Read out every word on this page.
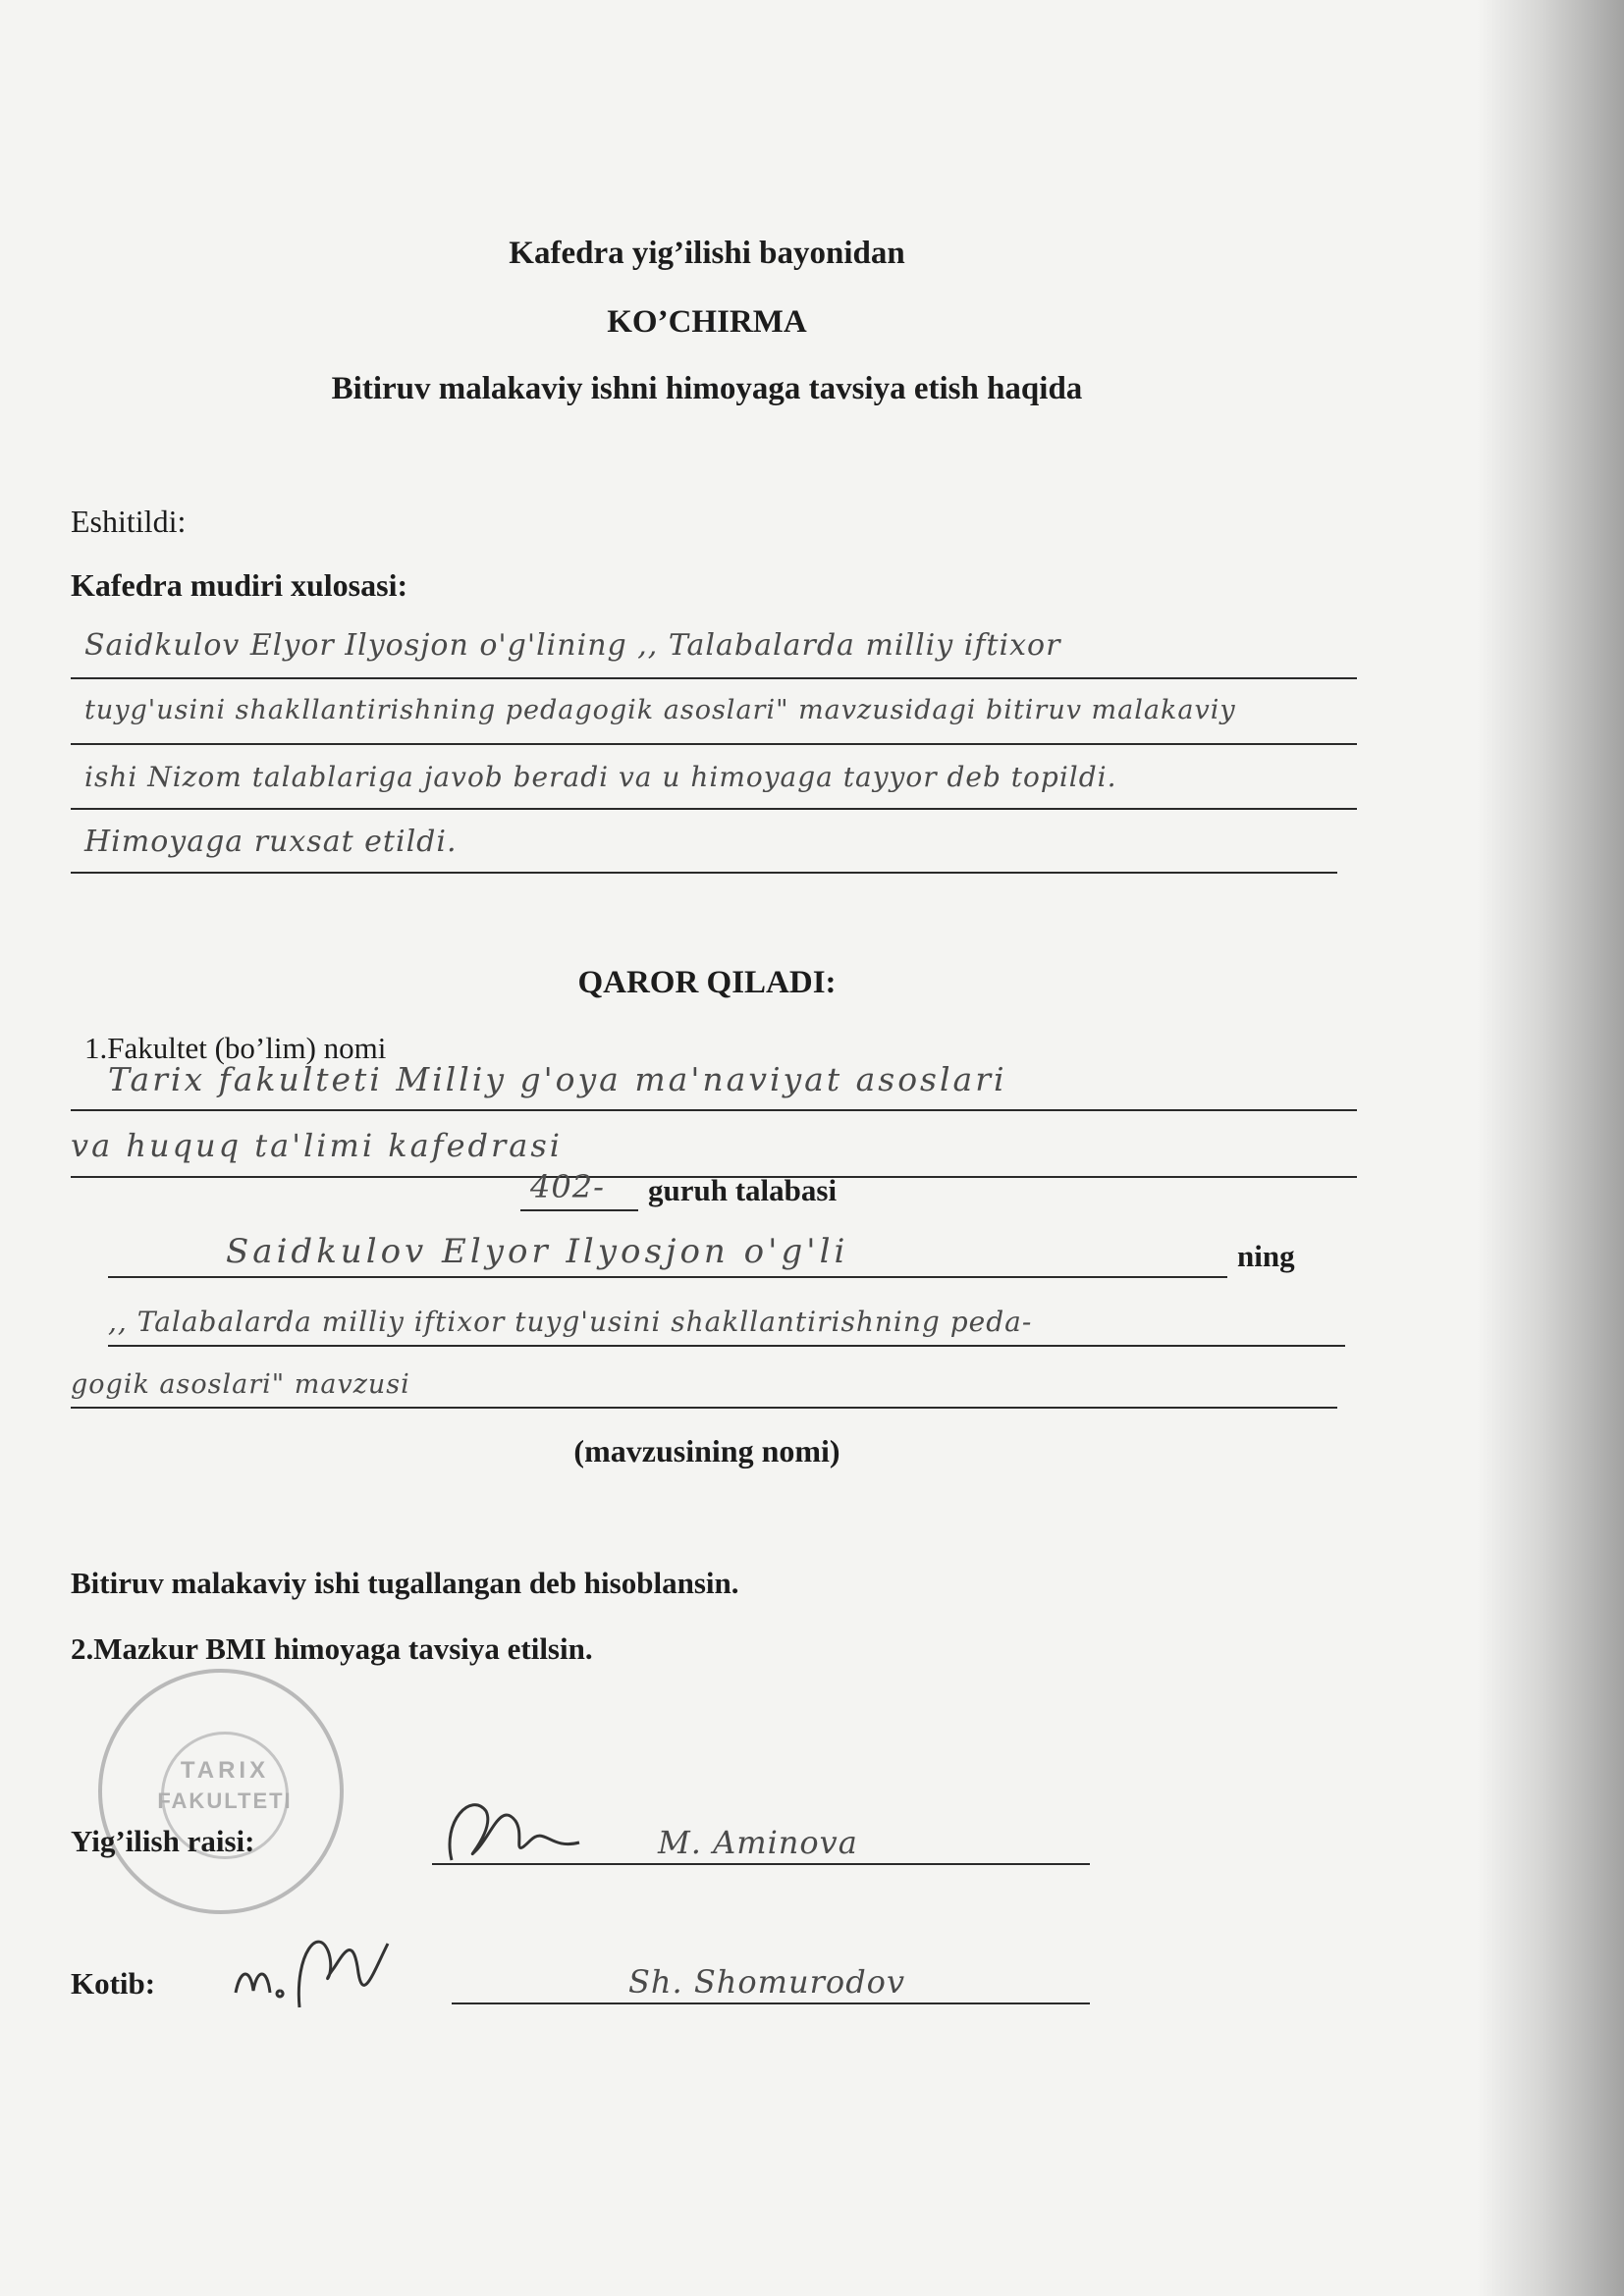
Kafedra yig’ilishi bayonidan
KO’CHIRMA
Bitiruv malakaviy ishni himoyaga tavsiya etish haqida
Eshitildi:
Kafedra mudiri xulosasi:
Saidkulov Elyor Ilyosjon o'g'lining ,, Talabalarda milliy iftixor
tuyg'usini shakllantirishning pedagogik asoslari" mavzusidagi bitiruv malakaviy
ishi Nizom talablariga javob beradi va u himoyaga tayyor deb topildi.
Himoyaga ruxsat etildi.
QAROR QILADI:
1.Fakultet (bo’lim) nomi
Tarix fakulteti Milliy g'oya ma'naviyat asoslari
va huquq ta'limi kafedrasi
402- guruh talabasi
Saidkulov Elyor Ilyosjon o'g'li	ning
,, Talabalarda milliy iftixor tuyg'usini shakllantirishning peda-
gogik asoslari" mavzusi
(mavzusining nomi)
Bitiruv malakaviy ishi tugallangan deb hisoblansin.
2.Mazkur BMI himoyaga tavsiya etilsin.
TARIX
FAKULTETI
Yig’ilish raisi:	M. Aminova
Kotib:	Sh. Shomurodov
